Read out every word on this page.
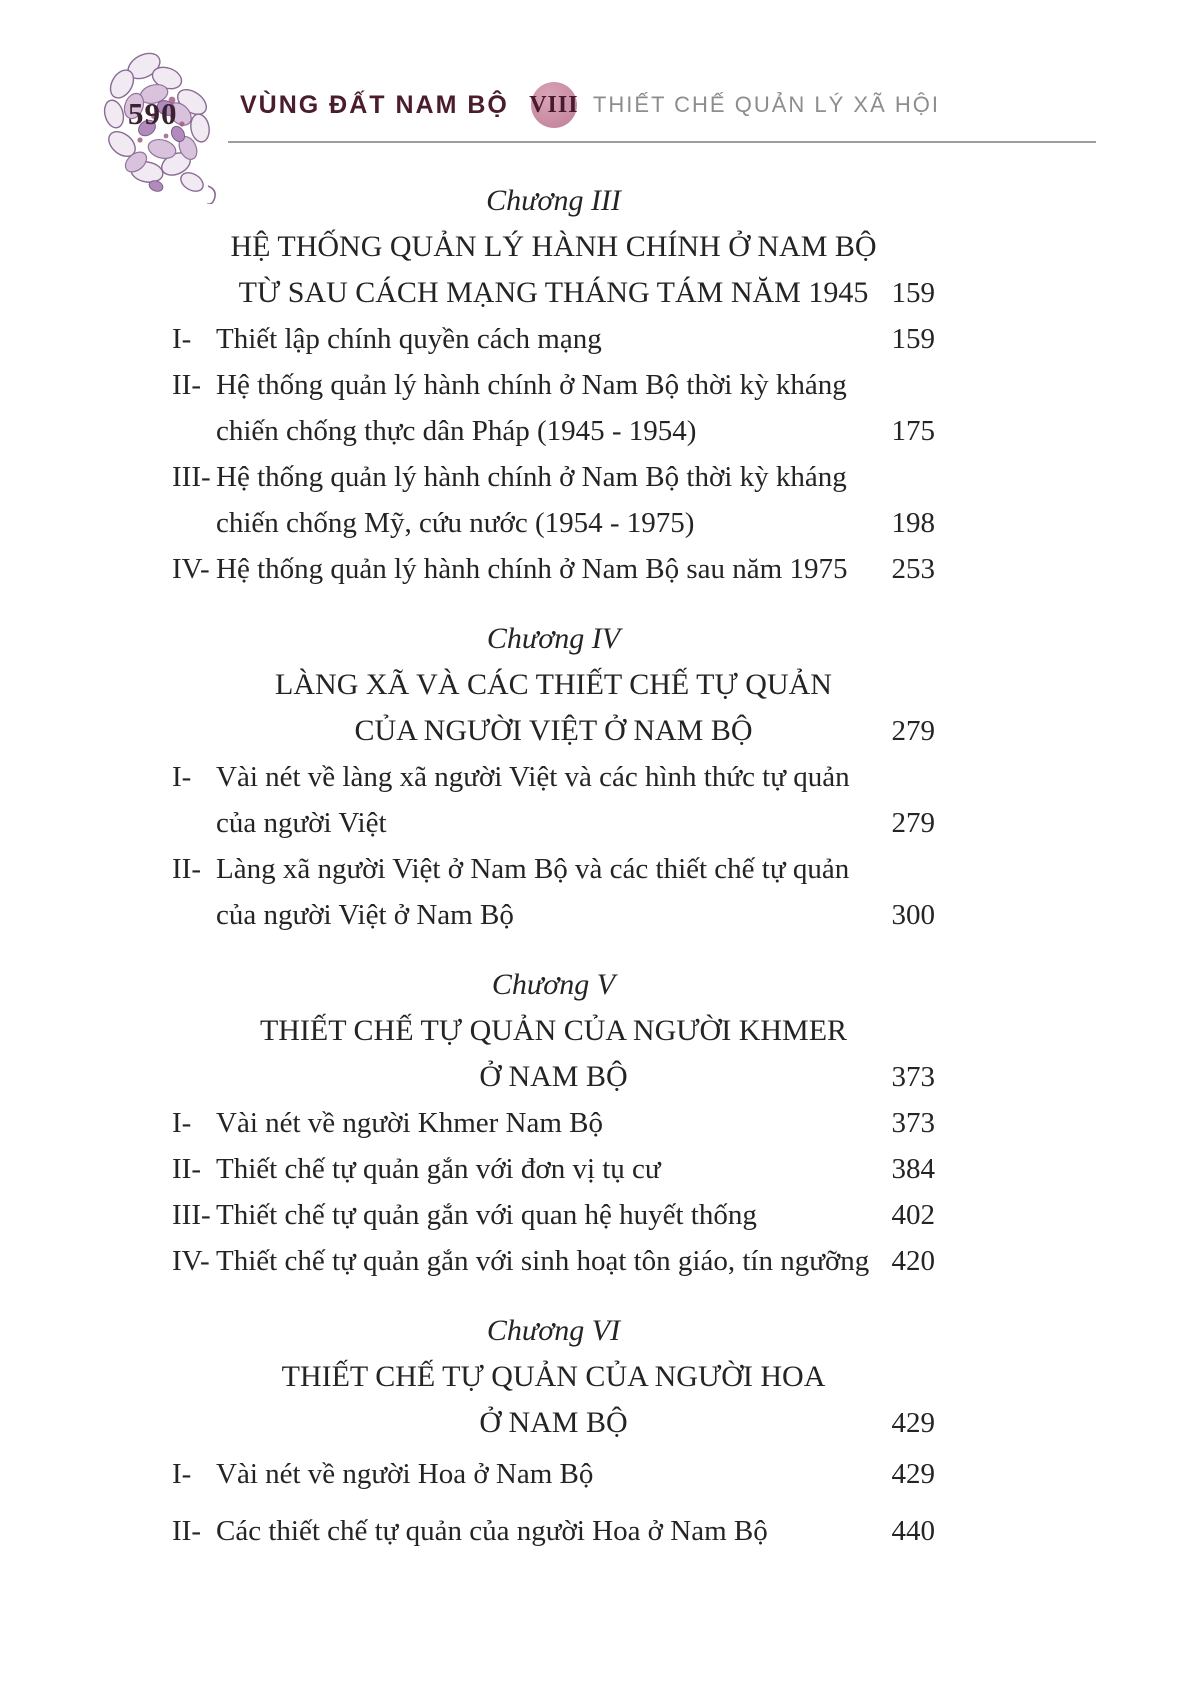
590	VÙNG ĐẤT NAM BỘ VIII THIẾT CHẾ QUẢN LÝ XÃ HỘI
Chương III
HỆ THỐNG QUẢN LÝ HÀNH CHÍNH Ở NAM BỘ
TỪ SAU CÁCH MẠNG THÁNG TÁM NĂM 1945 159
I- Thiết lập chính quyền cách mạng	159
II- Hệ thống quản lý hành chính ở Nam Bộ thời kỳ kháng
chiến chống thực dân Pháp (1945 - 1954)	175
III- Hệ thống quản lý hành chính ở Nam Bộ thời kỳ kháng
chiến chống Mỹ, cứu nước (1954 - 1975)	198
IV- Hệ thống quản lý hành chính ở Nam Bộ sau năm 1975	253
Chương IV
LÀNG XÃ VÀ CÁC THIẾT CHẾ TỰ QUẢN
CỦA NGƯỜI VIỆT Ở NAM BỘ	279
I- Vài nét về làng xã người Việt và các hình thức tự quản
của người Việt	279
II- Làng xã người Việt ở Nam Bộ và các thiết chế tự quản
của người Việt ở Nam Bộ	300
Chương V
THIẾT CHẾ TỰ QUẢN CỦA NGƯỜI KHMER
Ở NAM BỘ	373
I- Vài nét về người Khmer Nam Bộ	373
II- Thiết chế tự quản gắn với đơn vị tụ cư	384
III- Thiết chế tự quản gắn với quan hệ huyết thống	402
IV- Thiết chế tự quản gắn với sinh hoạt tôn giáo, tín ngưỡng 420
Chương VI
THIẾT CHẾ TỰ QUẢN CỦA NGƯỜI HOA
Ở NAM BỘ	429
I- Vài nét về người Hoa ở Nam Bộ	429
II- Các thiết chế tự quản của người Hoa ở Nam Bộ	440
